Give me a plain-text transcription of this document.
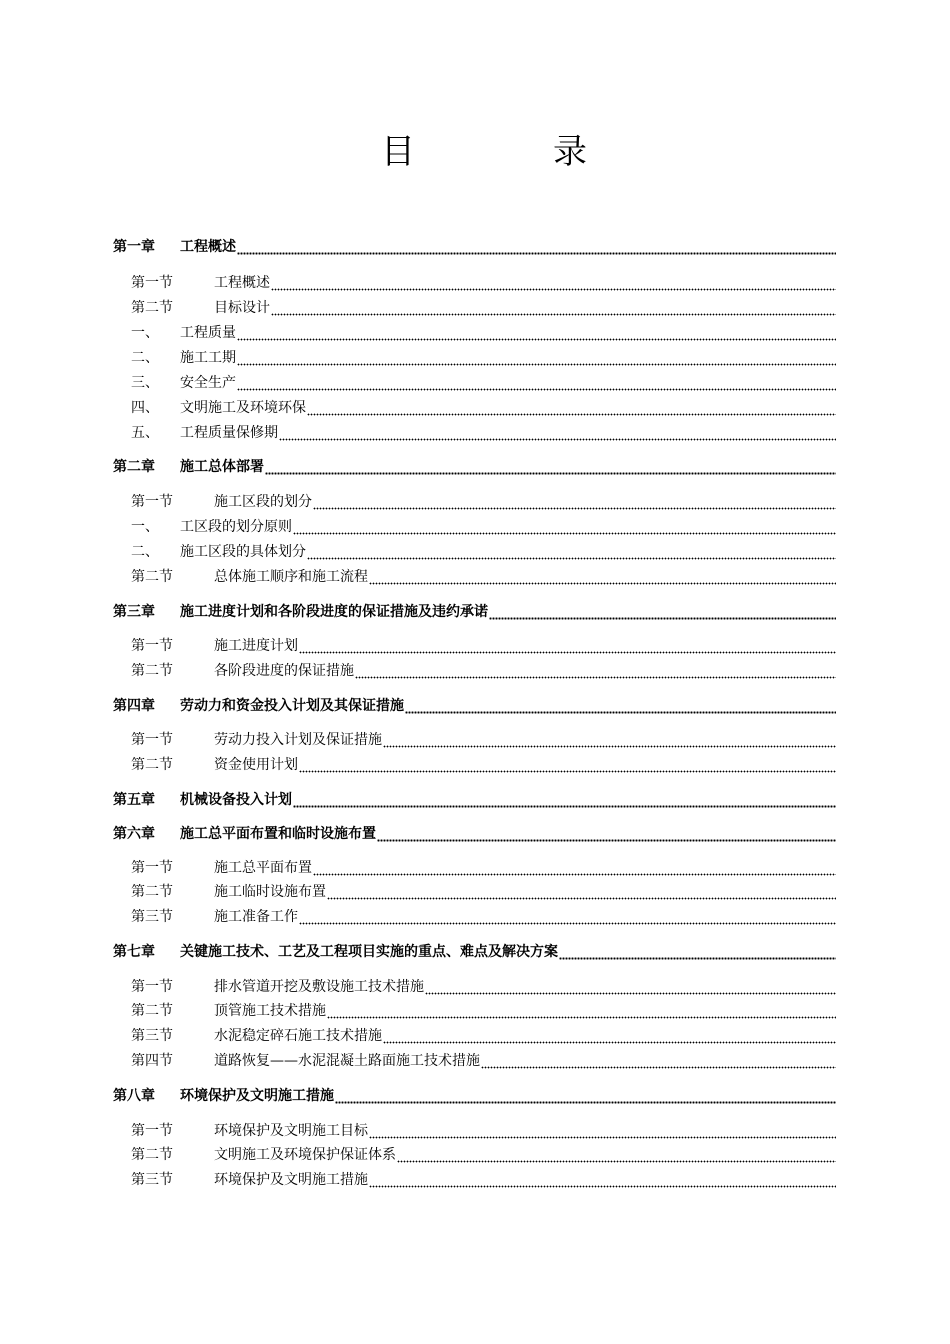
目	录
第一章	工程概述
第一节	工程概述
第二节	目标设计
一、	工程质量
二、	施工工期
三、	安全生产
四、	文明施工及环境环保
五、	工程质量保修期
第二章	施工总体部署
第一节	施工区段的划分
一、	工区段的划分原则
二、	施工区段的具体划分
第二节	总体施工顺序和施工流程
第三章	施工进度计划和各阶段进度的保证措施及违约承诺
第一节	施工进度计划
第二节	各阶段进度的保证措施
第四章	劳动力和资金投入计划及其保证措施
第一节	劳动力投入计划及保证措施
第二节	资金使用计划
第五章	机械设备投入计划
第六章	施工总平面布置和临时设施布置
第一节	施工总平面布置
第二节	施工临时设施布置
第三节	施工准备工作
第七章	关键施工技术、工艺及工程项目实施的重点、难点及解决方案
第一节	排水管道开挖及敷设施工技术措施
第二节	顶管施工技术措施
第三节	水泥稳定碎石施工技术措施
第四节	道路恢复——水泥混凝土路面施工技术措施
第八章	环境保护及文明施工措施
第一节	环境保护及文明施工目标
第二节	文明施工及环境保护保证体系
第三节	环境保护及文明施工措施
